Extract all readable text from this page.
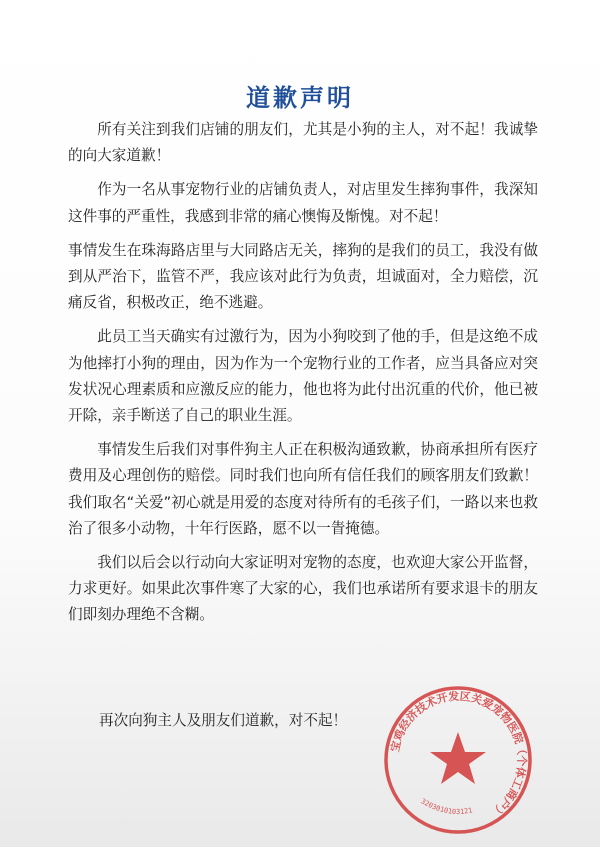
道歉声明

所有关注到我们店铺的朋友们，尤其是小狗的主人，对不起！我诚挚的向大家道歉！

作为一名从事宠物行业的店铺负责人，对店里发生摔狗事件，我深知这件事的严重性，我感到非常的痛心懊悔及惭愧。对不起！

事情发生在珠海路店里与大同路店无关，摔狗的是我们的员工，我没有做到从严治下，监管不严，我应该对此行为负责，坦诚面对，全力赔偿，沉痛反省，积极改正，绝不逃避。

此员工当天确实有过激行为，因为小狗咬到了他的手，但是这绝不成为他摔打小狗的理由，因为作为一个宠物行业的工作者，应当具备应对突发状况心理素质和应激反应的能力，他也将为此付出沉重的代价，他已被开除，亲手断送了自己的职业生涯。

事情发生后我们对事件狗主人正在积极沟通致歉，协商承担所有医疗费用及心理创伤的赔偿。同时我们也向所有信任我们的顾客朋友们致歉！我们取名“关爱”初心就是用爱的态度对待所有的毛孩子们，一路以来也救治了很多小动物，十年行医路，愿不以一眚掩德。

我们以后会以行动向大家证明对宠物的态度，也欢迎大家公开监督，力求更好。如果此次事件寒了大家的心，我们也承诺所有要求退卡的朋友们即刻办理绝不含糊。

再次向狗主人及朋友们道歉，对不起！
宝鸡经济技术开发区关爱宠物医院（个体工商户）
3203010103121
